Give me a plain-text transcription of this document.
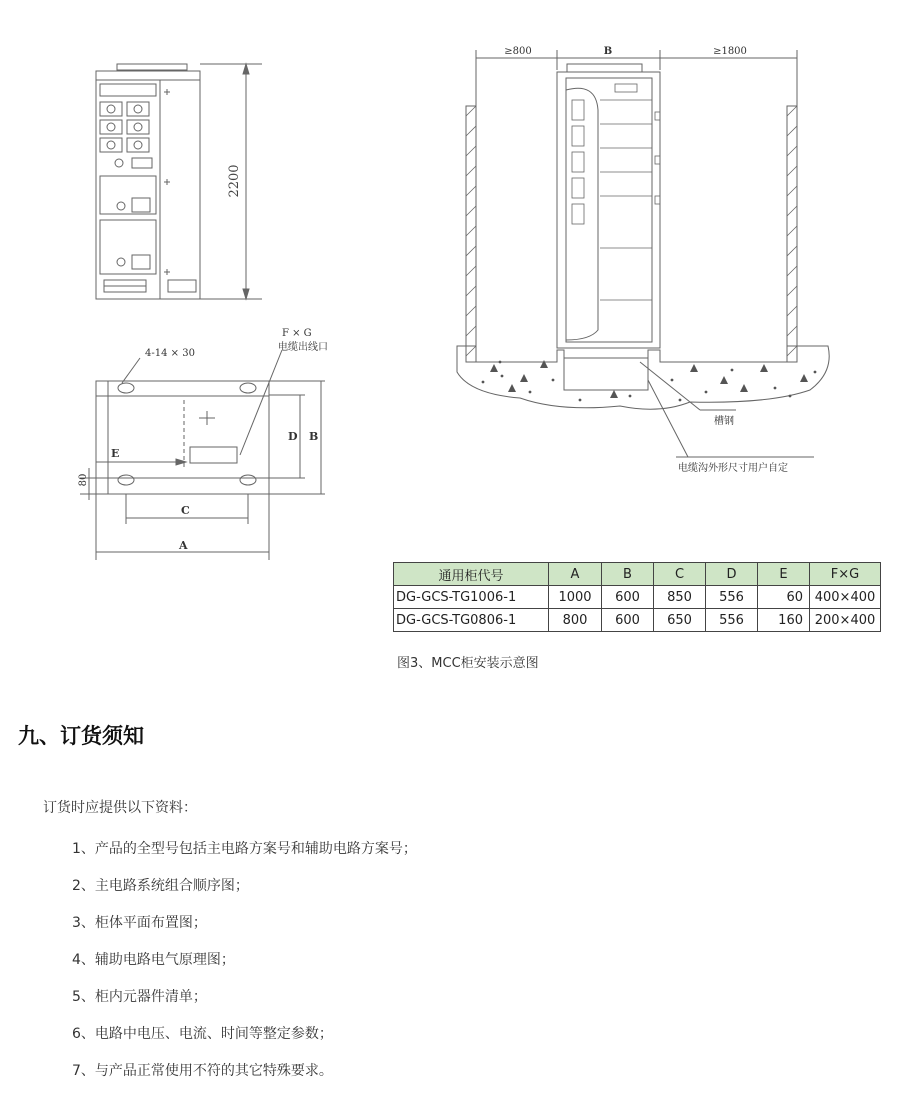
2200
F × G
电缆出线口
4-14 × 30
D B
E
80
C
A
≥800	B	≥1800
槽钢
电缆沟外形尺寸用户自定
通用柜代号	A	B	C	D	E	F×G
DG-GCS-TG1006-1	1000	600	850	556	60	400×400
DG-GCS-TG0806-1	800	600	650	556	160	200×400
图3、MCC柜安装示意图
九、订货须知
订货时应提供以下资料：
1、产品的全型号包括主电路方案号和辅助电路方案号；
2、主电路系统组合顺序图；
3、柜体平面布置图；
4、辅助电路电气原理图；
5、柜内元器件清单；
6、电路中电压、电流、时间等整定参数；
7、与产品正常使用不符的其它特殊要求。
